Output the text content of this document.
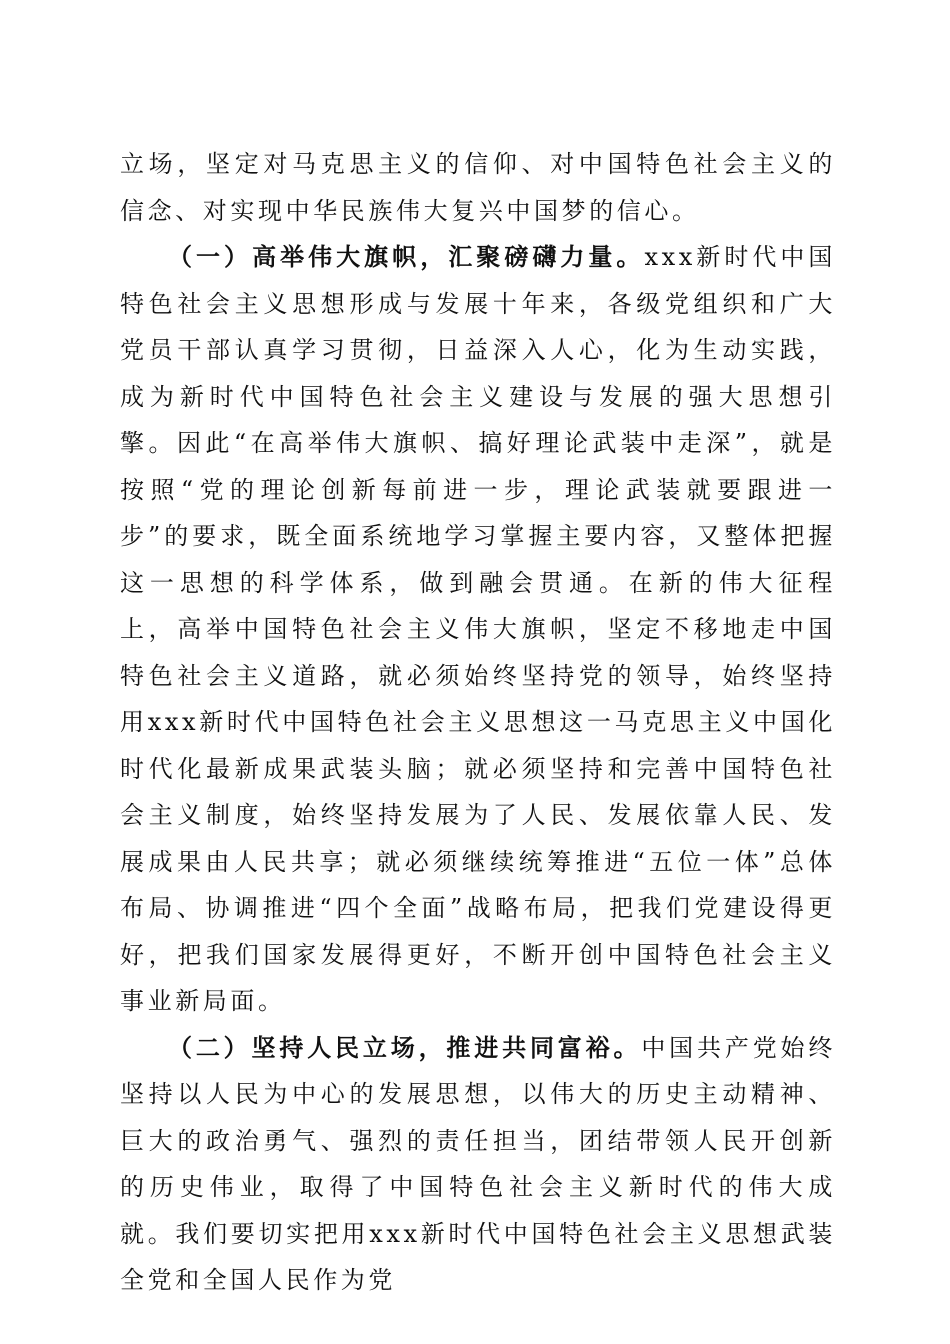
立场，坚定对马克思主义的信仰、对中国特色社会主义的信念、对实现中华民族伟大复兴中国梦的信心。

（一）高举伟大旗帜，汇聚磅礴力量。xxx新时代中国特色社会主义思想形成与发展十年来，各级党组织和广大党员干部认真学习贯彻，日益深入人心，化为生动实践，成为新时代中国特色社会主义建设与发展的强大思想引擎。因此“在高举伟大旗帜、搞好理论武装中走深”，就是按照“党的理论创新每前进一步，理论武装就要跟进一步”的要求，既全面系统地学习掌握主要内容，又整体把握这一思想的科学体系，做到融会贯通。在新的伟大征程上，高举中国特色社会主义伟大旗帜，坚定不移地走中国特色社会主义道路，就必须始终坚持党的领导，始终坚持用xxx新时代中国特色社会主义思想这一马克思主义中国化时代化最新成果武装头脑；就必须坚持和完善中国特色社会主义制度，始终坚持发展为了人民、发展依靠人民、发展成果由人民共享；就必须继续统筹推进“五位一体”总体布局、协调推进“四个全面”战略布局，把我们党建设得更好，把我们国家发展得更好，不断开创中国特色社会主义事业新局面。

（二）坚持人民立场，推进共同富裕。中国共产党始终坚持以人民为中心的发展思想，以伟大的历史主动精神、巨大的政治勇气、强烈的责任担当，团结带领人民开创新的历史伟业，取得了中国特色社会主义新时代的伟大成就。我们要切实把用xxx新时代中国特色社会主义思想武装全党和全国人民作为党
